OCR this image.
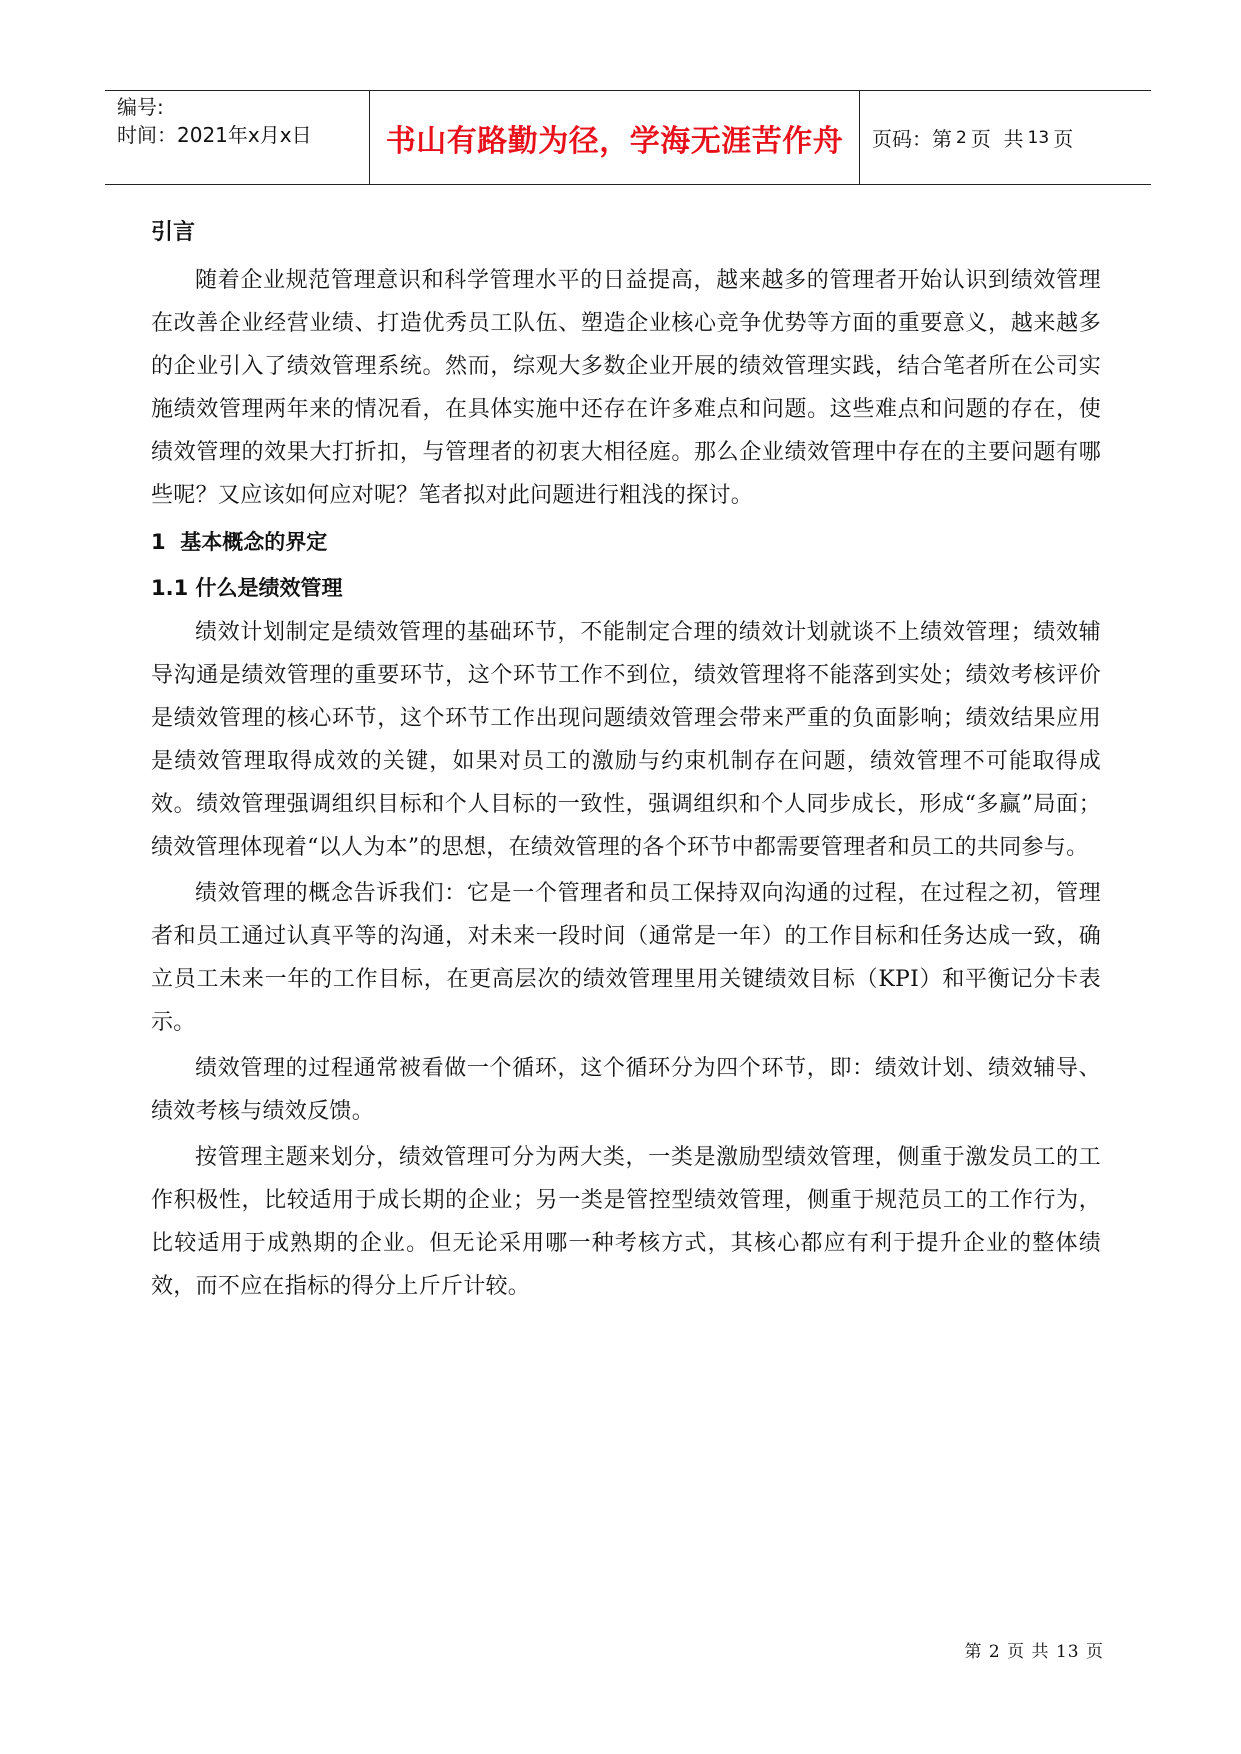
编号:
时间：2021年x月x日	书山有路勤为径，学海无涯苦作舟 页码：第 2 页  共 13 页
引言

随着企业规范管理意识和科学管理水平的日益提高，越来越多的管理者开始认识到绩效管理在改善企业经营业绩、打造优秀员工队伍、塑造企业核心竞争优势等方面的重要意义，越来越多的企业引入了绩效管理系统。然而，综观大多数企业开展的绩效管理实践，结合笔者所在公司实施绩效管理两年来的情况看，在具体实施中还存在许多难点和问题。这些难点和问题的存在，使绩效管理的效果大打折扣，与管理者的初衷大相径庭。那么企业绩效管理中存在的主要问题有哪些呢？又应该如何应对呢？笔者拟对此问题进行粗浅的探讨。

1  基本概念的界定
1.1 什么是绩效管理

绩效计划制定是绩效管理的基础环节，不能制定合理的绩效计划就谈不上绩效管理；绩效辅导沟通是绩效管理的重要环节，这个环节工作不到位，绩效管理将不能落到实处；绩效考核评价是绩效管理的核心环节，这个环节工作出现问题绩效管理会带来严重的负面影响；绩效结果应用是绩效管理取得成效的关键，如果对员工的激励与约束机制存在问题，绩效管理不可能取得成效。绩效管理强调组织目标和个人目标的一致性，强调组织和个人同步成长，形成“多赢”局面；绩效管理体现着“以人为本”的思想，在绩效管理的各个环节中都需要管理者和员工的共同参与。

绩效管理的概念告诉我们：它是一个管理者和员工保持双向沟通的过程，在过程之初，管理者和员工通过认真平等的沟通，对未来一段时间（通常是一年）的工作目标和任务达成一致，确立员工未来一年的工作目标，在更高层次的绩效管理里用关键绩效目标（KPI）和平衡记分卡表示。

绩效管理的过程通常被看做一个循环，这个循环分为四个环节，即：绩效计划、绩效辅导、绩效考核与绩效反馈。

按管理主题来划分，绩效管理可分为两大类，一类是激励型绩效管理，侧重于激发员工的工作积极性，比较适用于成长期的企业；另一类是管控型绩效管理，侧重于规范员工的工作行为，比较适用于成熟期的企业。但无论采用哪一种考核方式，其核心都应有利于提升企业的整体绩效，而不应在指标的得分上斤斤计较。

第 2 页 共 13 页
